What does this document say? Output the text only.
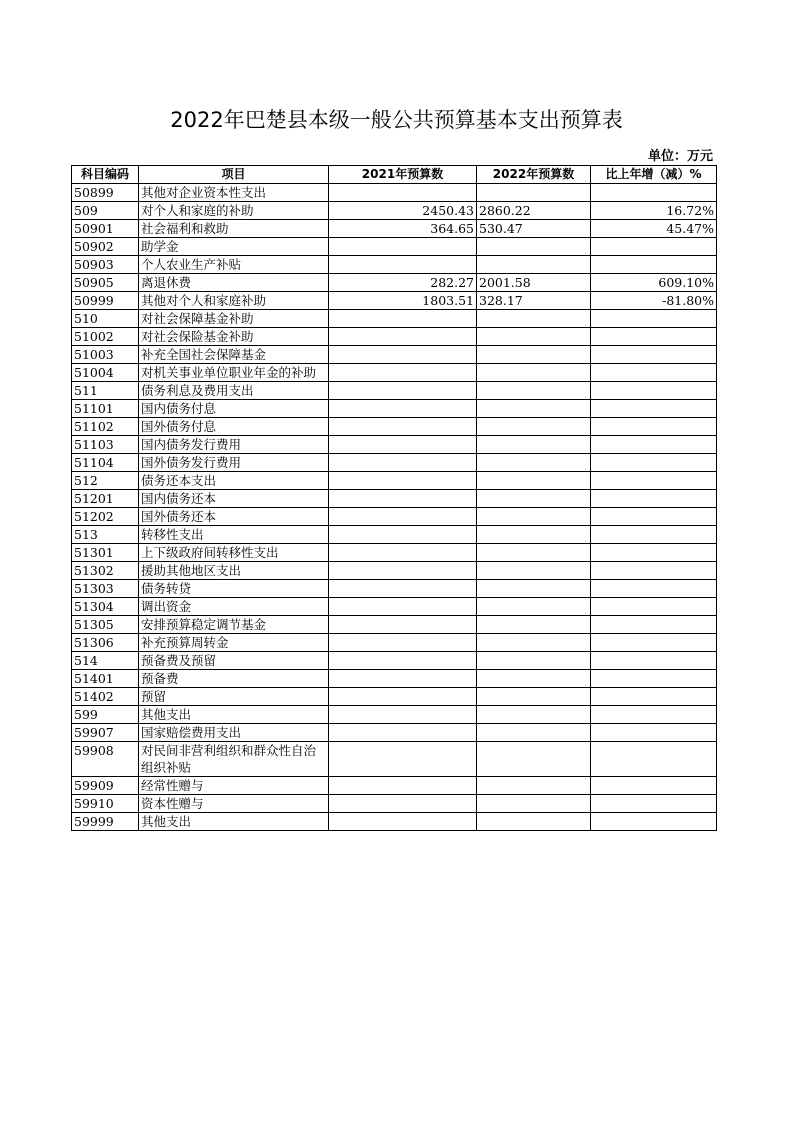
2022年巴楚县本级一般公共预算基本支出预算表
单位：万元
科目编码	项目	2021年预算数	2022年预算数	比上年增（减）%
50899	其他对企业资本性支出			
509	对个人和家庭的补助	2450.43	2860.22	16.72%
50901	社会福利和救助	364.65	530.47	45.47%
50902	助学金			
50903	个人农业生产补贴			
50905	离退休费	282.27	2001.58	609.10%
50999	其他对个人和家庭补助	1803.51	328.17	-81.80%
510	对社会保障基金补助			
51002	对社会保险基金补助			
51003	补充全国社会保障基金			
51004	对机关事业单位职业年金的补助			
511	债务利息及费用支出			
51101	国内债务付息			
51102	国外债务付息			
51103	国内债务发行费用			
51104	国外债务发行费用			
512	债务还本支出			
51201	国内债务还本			
51202	国外债务还本			
513	转移性支出			
51301	上下级政府间转移性支出			
51302	援助其他地区支出			
51303	债务转贷			
51304	调出资金			
51305	安排预算稳定调节基金			
51306	补充预算周转金			
514	预备费及预留			
51401	预备费			
51402	预留			
599	其他支出			
59907	国家赔偿费用支出			
59908	对民间非营利组织和群众性自治组织补贴			
59909	经常性赠与			
59910	资本性赠与			
59999	其他支出			
